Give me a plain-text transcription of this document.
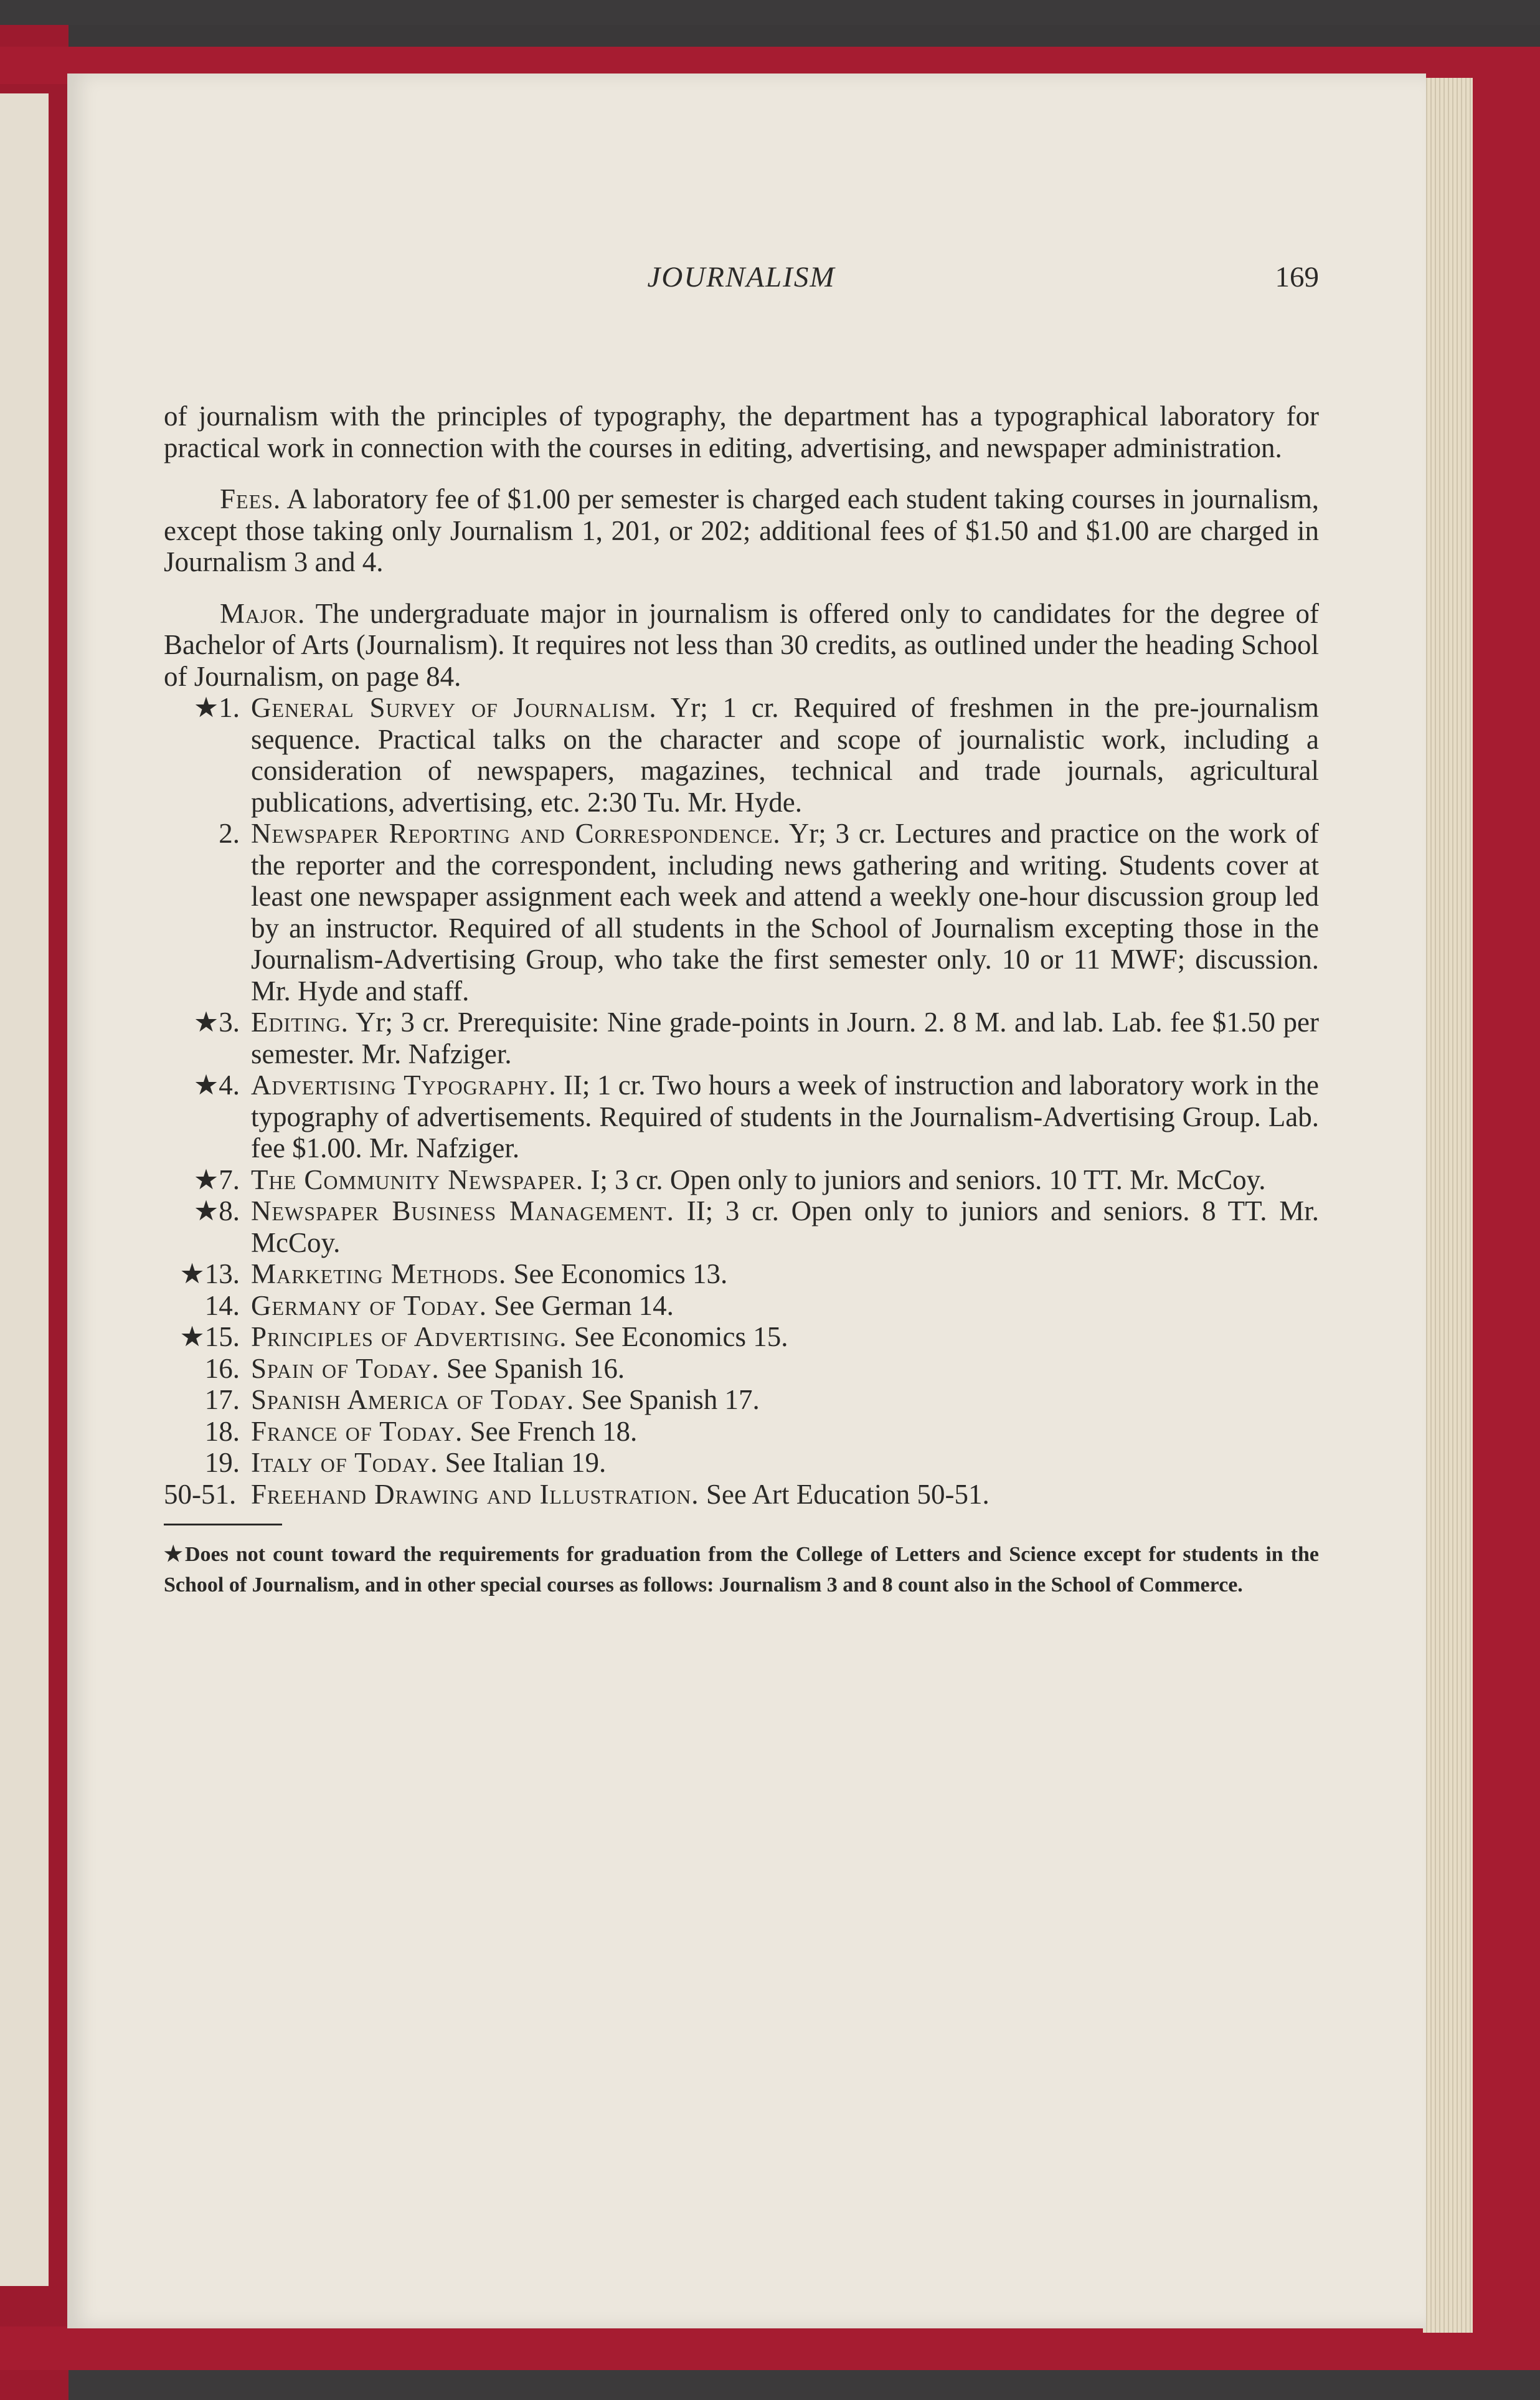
JOURNALISM	169

of journalism with the principles of typography, the department has a typographical laboratory for practical work in connection with the courses in editing, advertising, and newspaper administration.

Fees. A laboratory fee of $1.00 per semester is charged each student taking courses in journalism, except those taking only Journalism 1, 201, or 202; additional fees of $1.50 and $1.00 are charged in Journalism 3 and 4.

Major. The undergraduate major in journalism is offered only to candidates for the degree of Bachelor of Arts (Journalism). It requires not less than 30 credits, as outlined under the heading School of Journalism, on page 84.

★1. General Survey of Journalism. Yr; 1 cr. Required of freshmen in the pre-journalism sequence. Practical talks on the character and scope of journalistic work, including a consideration of newspapers, magazines, technical and trade journals, agricultural publications, advertising, etc. 2:30 Tu. Mr. Hyde.
2. Newspaper Reporting and Correspondence. Yr; 3 cr. Lectures and practice on the work of the reporter and the correspondent, including news gathering and writing. Students cover at least one newspaper assignment each week and attend a weekly one-hour discussion group led by an instructor. Required of all students in the School of Journalism excepting those in the Journalism-Advertising Group, who take the first semester only. 10 or 11 MWF; discussion. Mr. Hyde and staff.
★3. Editing. Yr; 3 cr. Prerequisite: Nine grade-points in Journ. 2. 8 M. and lab. Lab. fee $1.50 per semester. Mr. Nafziger.
★4. Advertising Typography. II; 1 cr. Two hours a week of instruction and laboratory work in the typography of advertisements. Required of students in the Journalism-Advertising Group. Lab. fee $1.00. Mr. Nafziger.
★7. The Community Newspaper. I; 3 cr. Open only to juniors and seniors. 10 TT. Mr. McCoy.
★8. Newspaper Business Management. II; 3 cr. Open only to juniors and seniors. 8 TT. Mr. McCoy.
★13. Marketing Methods. See Economics 13.
14. Germany of Today. See German 14.
★15. Principles of Advertising. See Economics 15.
16. Spain of Today. See Spanish 16.
17. Spanish America of Today. See Spanish 17.
18. France of Today. See French 18.
19. Italy of Today. See Italian 19.
50-51. Freehand Drawing and Illustration. See Art Education 50-51.

★Does not count toward the requirements for graduation from the College of Letters and Science except for students in the School of Journalism, and in other special courses as follows: Journalism 3 and 8 count also in the School of Commerce.
